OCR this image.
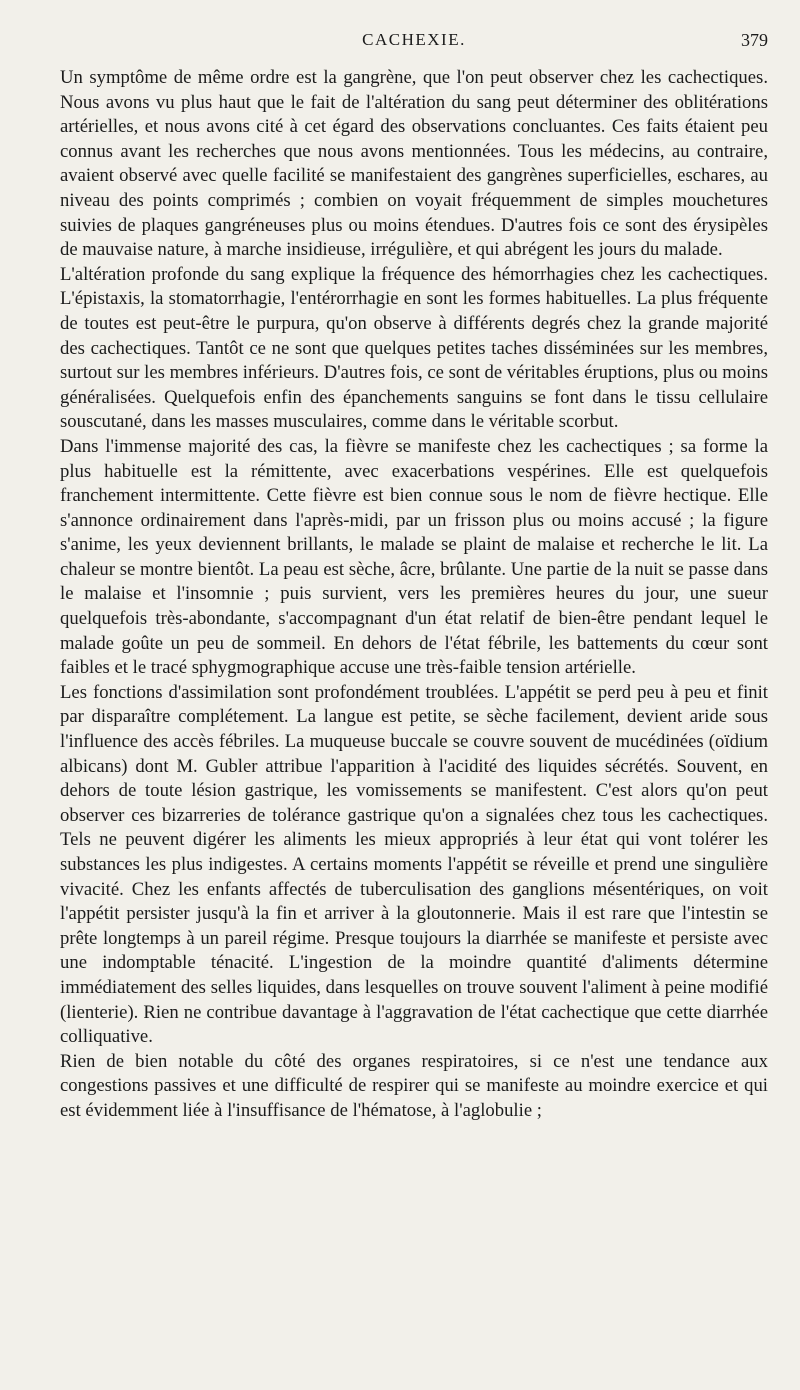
CACHEXIE.	379

Un symptôme de même ordre est la gangrène, que l'on peut observer chez les cachectiques. Nous avons vu plus haut que le fait de l'altération du sang peut déterminer des oblitérations artérielles, et nous avons cité à cet égard des observations concluantes. Ces faits étaient peu connus avant les recherches que nous avons mentionnées. Tous les médecins, au contraire, avaient observé avec quelle facilité se manifestaient des gangrènes superficielles, eschares, au niveau des points comprimés ; combien on voyait fréquemment de simples mouchetures suivies de plaques gangréneuses plus ou moins étendues. D'autres fois ce sont des érysipèles de mauvaise nature, à marche insidieuse, irrégulière, et qui abrégent les jours du malade.

L'altération profonde du sang explique la fréquence des hémorrhagies chez les cachectiques. L'épistaxis, la stomatorrhagie, l'entérorrhagie en sont les formes habituelles. La plus fréquente de toutes est peut-être le purpura, qu'on observe à différents degrés chez la grande majorité des cachectiques. Tantôt ce ne sont que quelques petites taches disséminées sur les membres, surtout sur les membres inférieurs. D'autres fois, ce sont de véritables éruptions, plus ou moins généralisées. Quelquefois enfin des épanchements sanguins se font dans le tissu cellulaire souscutané, dans les masses musculaires, comme dans le véritable scorbut.

Dans l'immense majorité des cas, la fièvre se manifeste chez les cachectiques ; sa forme la plus habituelle est la rémittente, avec exacerbations vespérines. Elle est quelquefois franchement intermittente. Cette fièvre est bien connue sous le nom de fièvre hectique. Elle s'annonce ordinairement dans l'après-midi, par un frisson plus ou moins accusé ; la figure s'anime, les yeux deviennent brillants, le malade se plaint de malaise et recherche le lit. La chaleur se montre bientôt. La peau est sèche, âcre, brûlante. Une partie de la nuit se passe dans le malaise et l'insomnie ; puis survient, vers les premières heures du jour, une sueur quelquefois très-abondante, s'accompagnant d'un état relatif de bien-être pendant lequel le malade goûte un peu de sommeil. En dehors de l'état fébrile, les battements du cœur sont faibles et le tracé sphygmographique accuse une très-faible tension artérielle.

Les fonctions d'assimilation sont profondément troublées. L'appétit se perd peu à peu et finit par disparaître complétement. La langue est petite, se sèche facilement, devient aride sous l'influence des accès fébriles. La muqueuse buccale se couvre souvent de mucédinées (oïdium albicans) dont M. Gubler attribue l'apparition à l'acidité des liquides sécrétés. Souvent, en dehors de toute lésion gastrique, les vomissements se manifestent. C'est alors qu'on peut observer ces bizarreries de tolérance gastrique qu'on a signalées chez tous les cachectiques. Tels ne peuvent digérer les aliments les mieux appropriés à leur état qui vont tolérer les substances les plus indigestes. A certains moments l'appétit se réveille et prend une singulière vivacité. Chez les enfants affectés de tuberculisation des ganglions mésentériques, on voit l'appétit persister jusqu'à la fin et arriver à la gloutonnerie. Mais il est rare que l'intestin se prête longtemps à un pareil régime. Presque toujours la diarrhée se manifeste et persiste avec une indomptable ténacité. L'ingestion de la moindre quantité d'aliments détermine immédiatement des selles liquides, dans lesquelles on trouve souvent l'aliment à peine modifié (lienterie). Rien ne contribue davantage à l'aggravation de l'état cachectique que cette diarrhée colliquative.

Rien de bien notable du côté des organes respiratoires, si ce n'est une tendance aux congestions passives et une difficulté de respirer qui se manifeste au moindre exercice et qui est évidemment liée à l'insuffisance de l'hématose, à l'aglobulie ;
